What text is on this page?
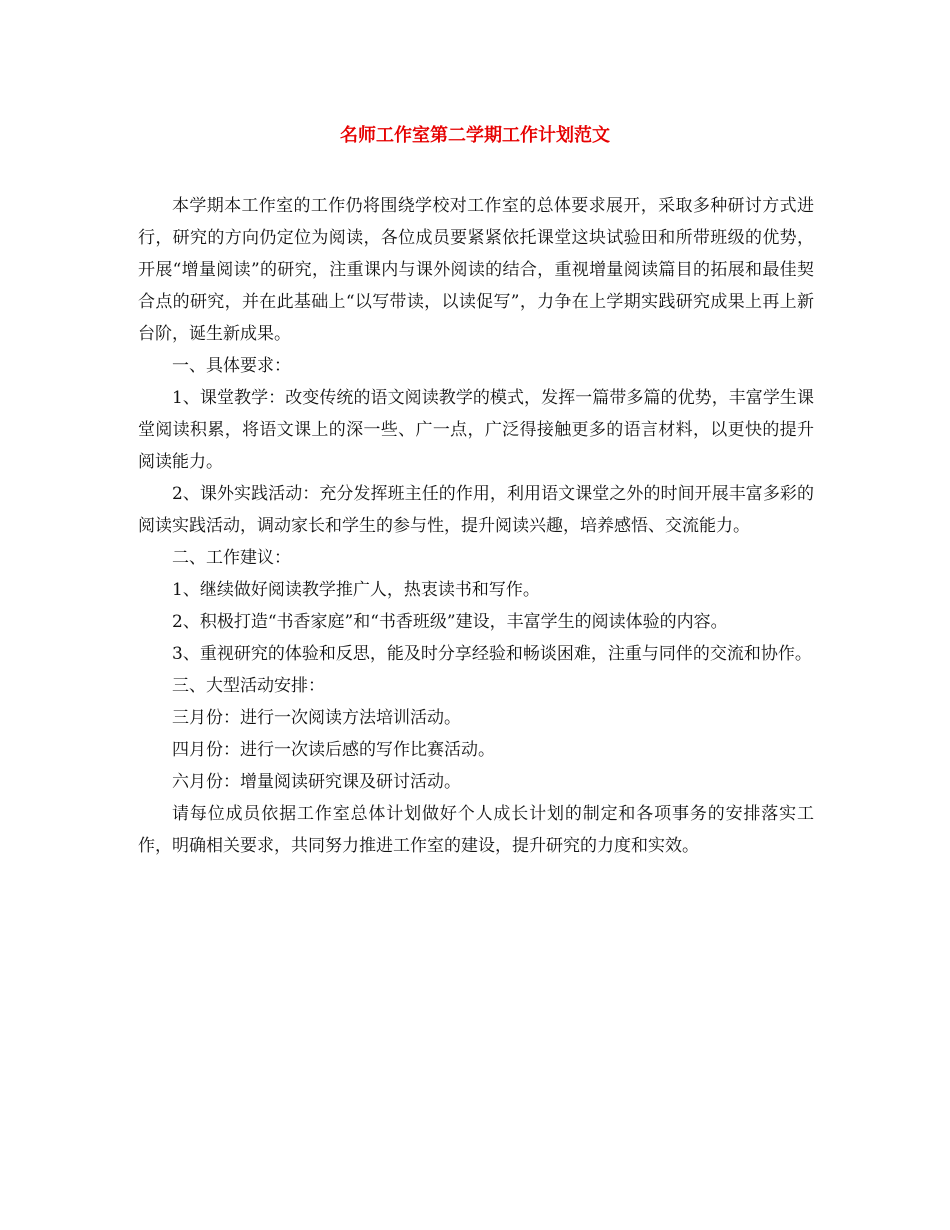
名师工作室第二学期工作计划范文

本学期本工作室的工作仍将围绕学校对工作室的总体要求展开，采取多种研讨方式进行，研究的方向仍定位为阅读，各位成员要紧紧依托课堂这块试验田和所带班级的优势，开展“增量阅读”的研究，注重课内与课外阅读的结合，重视增量阅读篇目的拓展和最佳契合点的研究，并在此基础上“以写带读，以读促写”，力争在上学期实践研究成果上再上新台阶，诞生新成果。

一、具体要求：

1、课堂教学：改变传统的语文阅读教学的模式，发挥一篇带多篇的优势，丰富学生课堂阅读积累，将语文课上的深一些、广一点，广泛得接触更多的语言材料，以更快的提升阅读能力。

2、课外实践活动：充分发挥班主任的作用，利用语文课堂之外的时间开展丰富多彩的阅读实践活动，调动家长和学生的参与性，提升阅读兴趣，培养感悟、交流能力。

二、工作建议：

1、继续做好阅读教学推广人，热衷读书和写作。

2、积极打造“书香家庭”和“书香班级”建设，丰富学生的阅读体验的内容。

3、重视研究的体验和反思，能及时分享经验和畅谈困难，注重与同伴的交流和协作。

三、大型活动安排：

三月份：进行一次阅读方法培训活动。

四月份：进行一次读后感的写作比赛活动。

六月份：增量阅读研究课及研讨活动。

请每位成员依据工作室总体计划做好个人成长计划的制定和各项事务的安排落实工作，明确相关要求，共同努力推进工作室的建设，提升研究的力度和实效。
